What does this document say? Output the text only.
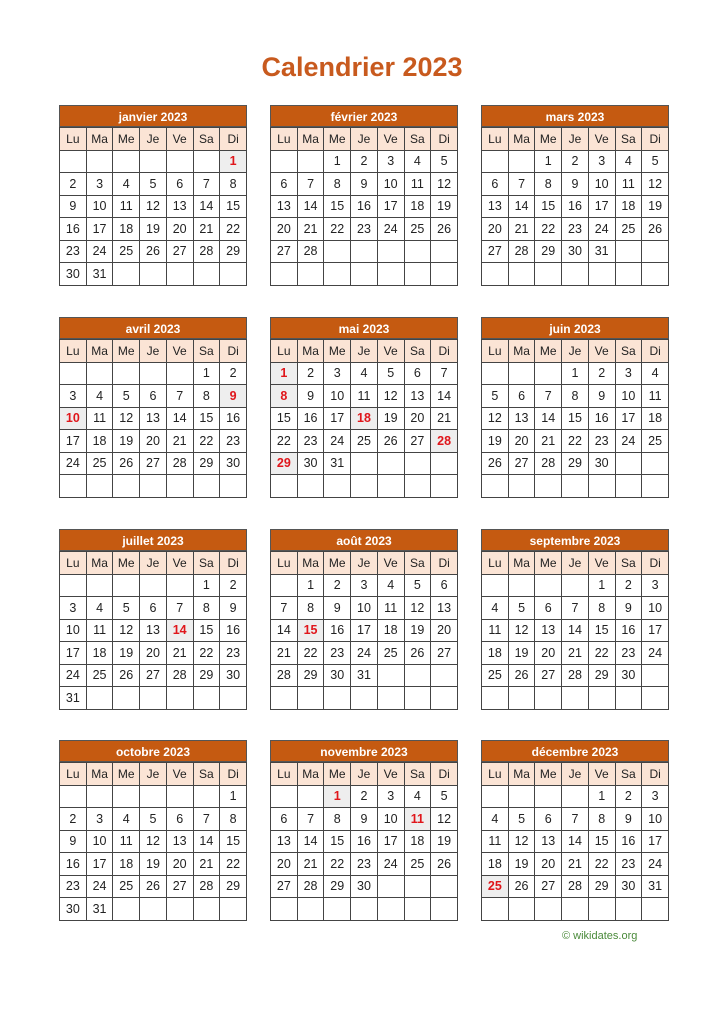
Calendrier 2023
janvier 2023
Lu	Ma	Me	Je	Ve	Sa	Di
						1
2	3	4	5	6	7	8
9	10	11	12	13	14	15
16	17	18	19	20	21	22
23	24	25	26	27	28	29
30	31					
février 2023
Lu	Ma	Me	Je	Ve	Sa	Di
		1	2	3	4	5
6	7	8	9	10	11	12
13	14	15	16	17	18	19
20	21	22	23	24	25	26
27	28					

mars 2023
Lu	Ma	Me	Je	Ve	Sa	Di
		1	2	3	4	5
6	7	8	9	10	11	12
13	14	15	16	17	18	19
20	21	22	23	24	25	26
27	28	29	30	31		

avril 2023
Lu	Ma	Me	Je	Ve	Sa	Di
					1	2
3	4	5	6	7	8	9
10	11	12	13	14	15	16
17	18	19	20	21	22	23
24	25	26	27	28	29	30

mai 2023
Lu	Ma	Me	Je	Ve	Sa	Di
1	2	3	4	5	6	7
8	9	10	11	12	13	14
15	16	17	18	19	20	21
22	23	24	25	26	27	28
29	30	31				

juin 2023
Lu	Ma	Me	Je	Ve	Sa	Di
			1	2	3	4
5	6	7	8	9	10	11
12	13	14	15	16	17	18
19	20	21	22	23	24	25
26	27	28	29	30		

juillet 2023
Lu	Ma	Me	Je	Ve	Sa	Di
					1	2
3	4	5	6	7	8	9
10	11	12	13	14	15	16
17	18	19	20	21	22	23
24	25	26	27	28	29	30
31						
août 2023
Lu	Ma	Me	Je	Ve	Sa	Di
	1	2	3	4	5	6
7	8	9	10	11	12	13
14	15	16	17	18	19	20
21	22	23	24	25	26	27
28	29	30	31			

septembre 2023
Lu	Ma	Me	Je	Ve	Sa	Di
				1	2	3
4	5	6	7	8	9	10
11	12	13	14	15	16	17
18	19	20	21	22	23	24
25	26	27	28	29	30	

octobre 2023
Lu	Ma	Me	Je	Ve	Sa	Di
						1
2	3	4	5	6	7	8
9	10	11	12	13	14	15
16	17	18	19	20	21	22
23	24	25	26	27	28	29
30	31					
novembre 2023
Lu	Ma	Me	Je	Ve	Sa	Di
		1	2	3	4	5
6	7	8	9	10	11	12
13	14	15	16	17	18	19
20	21	22	23	24	25	26
27	28	29	30			

décembre 2023
Lu	Ma	Me	Je	Ve	Sa	Di
				1	2	3
4	5	6	7	8	9	10
11	12	13	14	15	16	17
18	19	20	21	22	23	24
25	26	27	28	29	30	31

© wikidates.org
